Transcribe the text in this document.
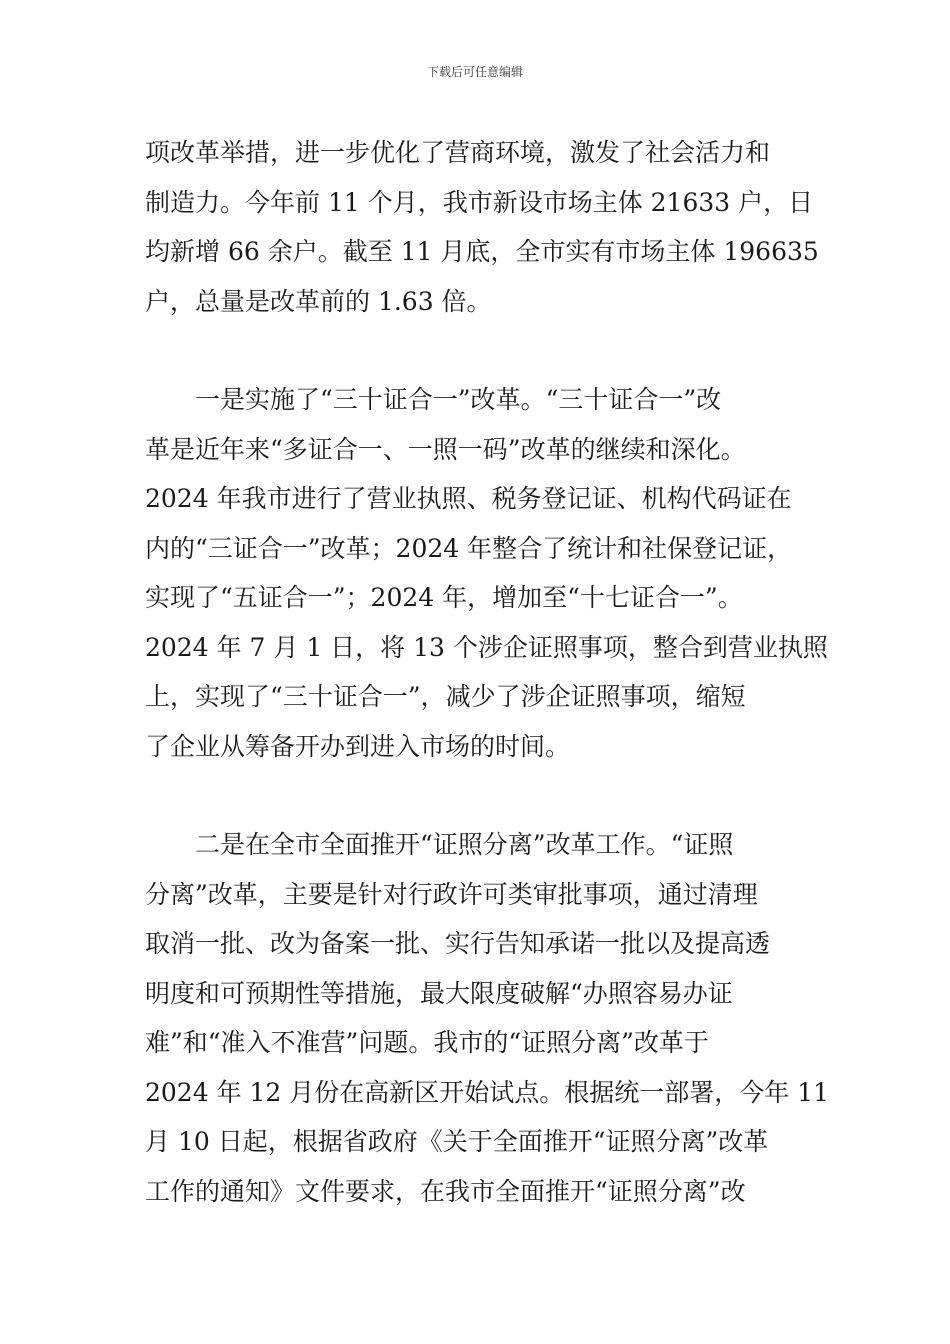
下载后可任意编辑
项改革举措，进一步优化了营商环境，激发了社会活力和
制造力。今年前 11 个月，我市新设市场主体 21633 户，日
均新增 66 余户。截至 11 月底，全市实有市场主体 196635
户，总量是改革前的 1.63 倍。
一是实施了“三十证合一”改革。“三十证合一”改
革是近年来“多证合一、一照一码”改革的继续和深化。
2024 年我市进行了营业执照、税务登记证、机构代码证在
内的“三证合一”改革；2024 年整合了统计和社保登记证，
实现了“五证合一”；2024 年，增加至“十七证合一”。
2024 年 7 月 1 日，将 13 个涉企证照事项，整合到营业执照
上，实现了“三十证合一”，减少了涉企证照事项，缩短
了企业从筹备开办到进入市场的时间。
二是在全市全面推开“证照分离”改革工作。“证照
分离”改革，主要是针对行政许可类审批事项，通过清理
取消一批、改为备案一批、实行告知承诺一批以及提高透
明度和可预期性等措施，最大限度破解“办照容易办证
难”和“准入不准营”问题。我市的“证照分离”改革于
2024 年 12 月份在高新区开始试点。根据统一部署，今年 11
月 10 日起，根据省政府《关于全面推开“证照分离”改革
工作的通知》文件要求，在我市全面推开“证照分离”改
